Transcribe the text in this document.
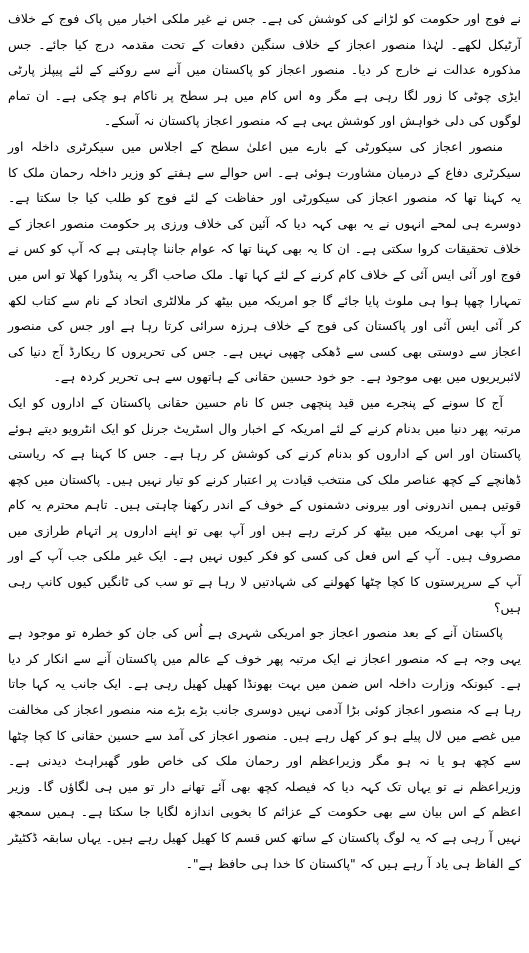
نے فوج اور حکومت کو لڑانے کی کوشش کی ہے۔ جس نے غیر ملکی اخبار میں پاک فوج کے خلاف آرٹیکل لکھے۔ لہٰذا منصور اعجاز کے خلاف سنگین دفعات کے تحت مقدمہ درج کیا جائے۔ جس مذکورہ عدالت نے خارج کر دیا۔ منصور اعجاز کو پاکستان میں آنے سے روکنے کے لئے پیپلز پارٹی ایڑی چوٹی کا زور لگا رہی ہے مگر وہ اس کام میں ہر سطح پر ناکام ہو چکی ہے۔ ان تمام لوگوں کی دلی خواہش اور کوشش یہی ہے کہ منصور اعجاز پاکستان نہ آسکے۔

منصور اعجاز کی سیکورٹی کے بارے میں اعلیٰ سطح کے اجلاس میں سیکرٹری داخلہ اور سیکرٹری دفاع کے درمیان مشاورت ہوئی ہے۔ اس حوالے سے ہفتے کو وزیر داخلہ رحمان ملک کا یہ کہنا تھا کہ منصور اعجاز کی سیکورٹی اور حفاظت کے لئے فوج کو طلب کیا جا سکتا ہے۔ دوسرے ہی لمحے انہوں نے یہ بھی کہہ دیا کہ آئین کی خلاف ورزی پر حکومت منصور اعجاز کے خلاف تحقیقات کروا سکتی ہے۔ ان کا یہ بھی کہنا تھا کہ عوام جاننا چاہتی ہے کہ آپ کو کس نے فوج اور آئی ایس آئی کے خلاف کام کرنے کے لئے کہا تھا۔ ملک صاحب اگر یہ پنڈورا کھلا تو اس میں تمہارا چھپا ہوا ہی ملوث پایا جائے گا جو امریکہ میں بیٹھ کر ملالٹری اتحاد کے نام سے کتاب لکھ کر آئی ایس آئی اور پاکستان کی فوج کے خلاف ہرزہ سرائی کرتا رہا ہے اور جس کی منصور اعجاز سے دوستی بھی کسی سے ڈھکی چھپی نہیں ہے۔ جس کی تحریروں کا ریکارڈ آج دنیا کی لائبریریوں میں بھی موجود ہے۔ جو خود حسین حقانی کے ہاتھوں سے ہی تحریر کردہ ہے۔

آج کا سونے کے پنجرے میں قید پنچھی جس کا نام حسین حقانی پاکستان کے اداروں کو ایک مرتبہ پھر دنیا میں بدنام کرنے کے لئے امریکہ کے اخبار وال اسٹریٹ جرنل کو ایک انٹرویو دیتے ہوئے پاکستان اور اس کے اداروں کو بدنام کرنے کی کوشش کر رہا ہے۔ جس کا کہنا ہے کہ ریاستی ڈھانچے کے کچھ عناصر ملک کی منتخب قیادت پر اعتبار کرنے کو تیار نہیں ہیں۔ پاکستان میں کچھ قوتیں ہمیں اندرونی اور بیرونی دشمنوں کے خوف کے اندر رکھنا چاہتی ہیں۔ تاہم محترم یہ کام تو آپ بھی امریکہ میں بیٹھ کر کرتے رہے ہیں اور آپ بھی تو اپنے اداروں پر اتہام طرازی میں مصروف ہیں۔ آپ کے اس فعل کی کسی کو فکر کیوں نہیں ہے۔ ایک غیر ملکی جب آپ کے اور آپ کے سرپرستوں کا کچا چٹھا کھولنے کی شہادتیں لا رہا ہے تو سب کی ٹانگیں کیوں کانپ رہی ہیں؟

پاکستان آنے کے بعد منصور اعجاز جو امریکی شہری ہے اُس کی جان کو خطرہ تو موجود ہے یہی وجہ ہے کہ منصور اعجاز نے ایک مرتبہ پھر خوف کے عالم میں پاکستان آنے سے انکار کر دیا ہے۔ کیونکہ وزارت داخلہ اس ضمن میں بہت بھونڈا کھیل کھیل رہی ہے۔ ایک جانب یہ کہا جاتا رہا ہے کہ منصور اعجاز کوئی بڑا آدمی نہیں دوسری جانب بڑے بڑے منہ منصور اعجاز کی مخالفت میں غصے میں لال پیلے ہو کر کھل رہے ہیں۔ منصور اعجاز کی آمد سے حسین حقانی کا کچا چٹھا سے کچھ ہو یا نہ ہو مگر وزیراعظم اور رحمان ملک کی خاص طور گھبراہٹ دیدنی ہے۔ وزیراعظم نے تو یہاں تک کہہ دیا کہ فیصلہ کچھ بھی آئے تھانے دار تو میں ہی لگاؤں گا۔ وزیر اعظم کے اس بیان سے بھی حکومت کے عزائم کا بخوبی اندازہ لگایا جا سکتا ہے۔ ہمیں سمجھ نہیں آ رہی ہے کہ یہ لوگ پاکستان کے ساتھ کس قسم کا کھیل کھیل رہے ہیں۔ یہاں سابقہ ڈکٹیٹر کے الفاظ ہی یاد آ رہے ہیں کہ "پاکستان کا خدا ہی حافظ ہے"۔
